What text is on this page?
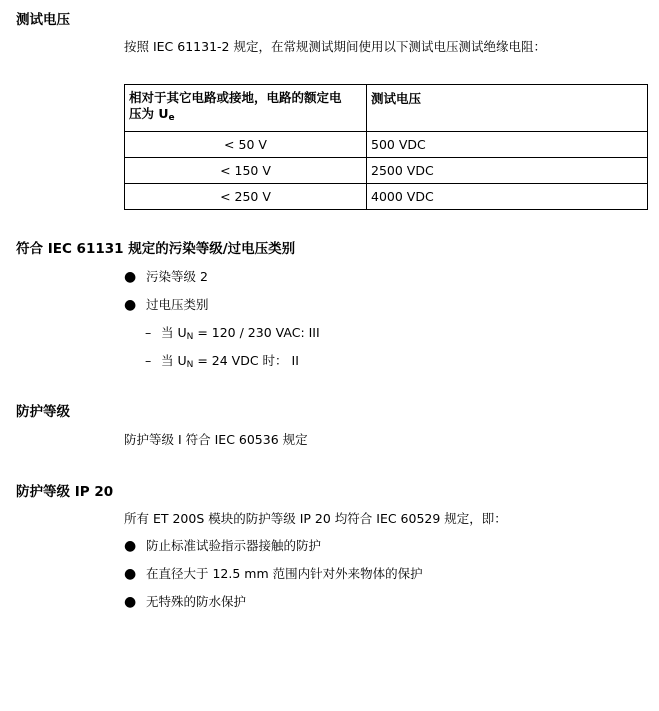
测试电压
按照 IEC 61131-2 规定，在常规测试期间使用以下测试电压测试绝缘电阻：
相对于其它电路或接地，电路的额定电
压为 $U_e$	测试电压
< 50 V	500 VDC
< 150 V	2500 VDC
< 250 V	4000 VDC
符合 IEC 61131 规定的污染等级/过电压类别
● 污染等级 2
● 过电压类别
– 当 $U_N = 120 / 230$ VAC: III
– 当 $U_N = 24$ VDC 时： II
防护等级
防护等级 I 符合 IEC 60536 规定
防护等级 IP 20
所有 ET 200S 模块的防护等级 IP 20 均符合 IEC 60529 规定，即：
● 防止标准试验指示器接触的防护
● 在直径大于 12.5 mm 范围内针对外来物体的保护
● 无特殊的防水保护
